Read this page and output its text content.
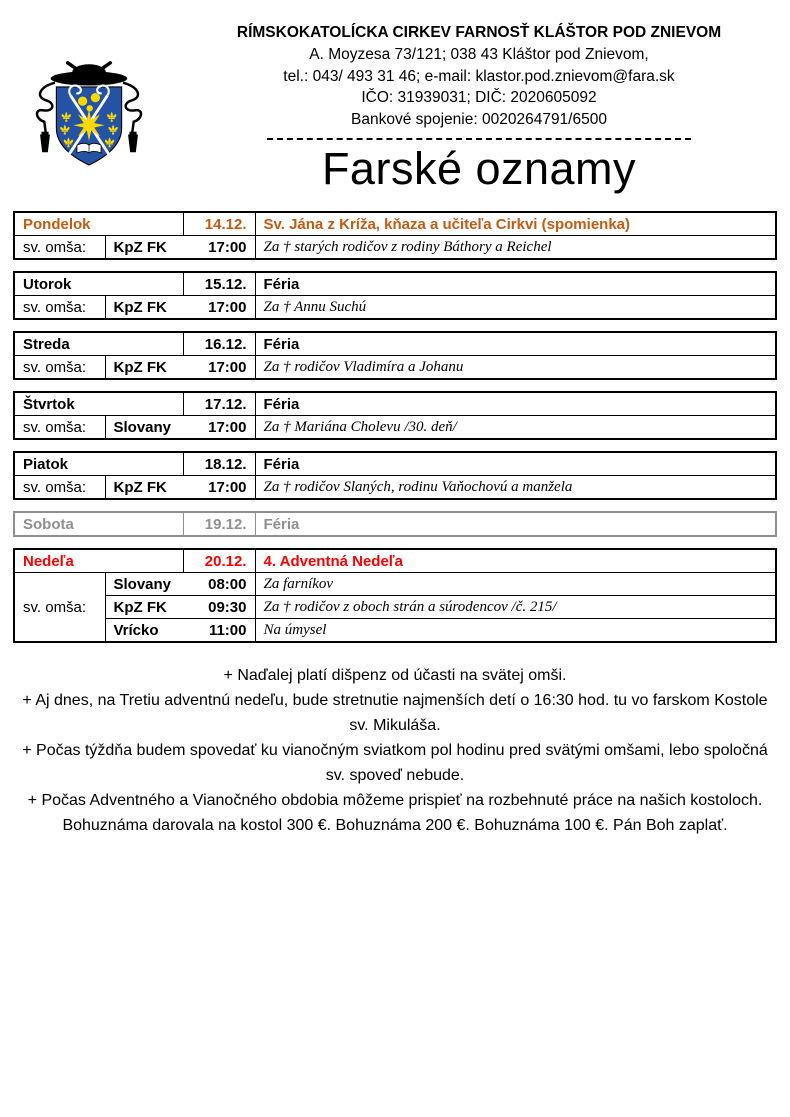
RÍMSKOKATOLÍCKA CIRKEV FARNOSŤ KLÁŠTOR POD ZNIEVOM
A. Moyzesa 73/121; 038 43 Kláštor pod Znievom,
tel.: 043/ 493 31 46; e-mail: klastor.pod.znievom@fara.sk
IČO: 31939031; DIČ: 2020605092
Bankové spojenie: 0020264791/6500
Farské oznamy
Pondelok		14.12.	Sv. Jána z Kríža, kňaza a učiteľa Cirkvi (spomienka)
sv. omša:	KpZ FK 17:00		Za † starých rodičov z rodiny Báthory a Reichel
Utorok		15.12.	Féria
sv. omša:	KpZ FK 17:00		Za † Annu Suchú
Streda		16.12.	Féria
sv. omša:	KpZ FK 17:00		Za † rodičov Vladimíra a Johanu
Štvrtok		17.12.	Féria
sv. omša:	Slovany 17:00		Za † Mariána Cholevu /30. deň/
Piatok		18.12.	Féria
sv. omša:	KpZ FK 17:00		Za † rodičov Slaných, rodinu Vaňochovú a manžela
Sobota	19.12.	Féria
Nedeľa		20.12.	4. Adventná Nedeľa
sv. omša:	Slovany 08:00		Za farníkov

	KpZ FK 09:30		Za † rodičov z oboch strán a súrodencov /č. 215/

	Vrícko 11:00		Na úmysel

+ Naďalej platí dišpenz od účasti na svätej omši.

+ Aj dnes, na Tretiu adventnú nedeľu, bude stretnutie najmenších detí o 16:30 hod. tu vo farskom Kostole sv. Mikuláša.

+ Počas týždňa budem spovedať ku vianočným sviatkom pol hodinu pred svätými omšami, lebo spoločná sv. spoveď nebude.

+ Počas Adventného a Vianočného obdobia môžeme prispieť na rozbehnuté práce na našich kostoloch.

Bohuznáma darovala na kostol 300 €. Bohuznáma 200 €. Bohuznáma 100 €. Pán Boh zaplať.
